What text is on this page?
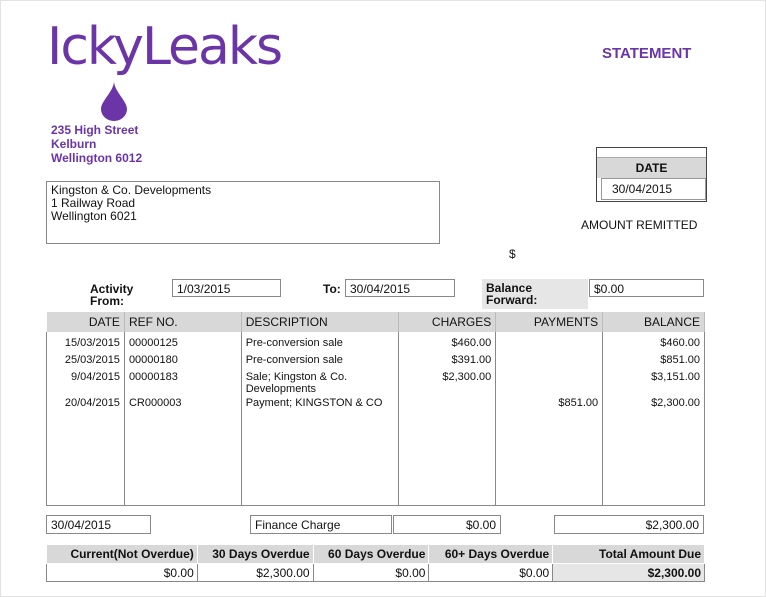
IckyLeaks
235 High Street
Kelburn
Wellington 6012
STATEMENT
DATE
30/04/2015
AMOUNT REMITTED
$
Kingston & Co. Developments
1 Railway Road
Wellington 6021
Activity
From:
1/03/2015	To: 30/04/2015	Balance
Forward:
$0.00
DATE	REF NO.	DESCRIPTION	CHARGES	PAYMENTS	BALANCE
15/03/2015	00000125	Pre-conversion sale	$460.00		$460.00
25/03/2015	00000180	Pre-conversion sale	$391.00		$851.00
9/04/2015	00000183	Sale; Kingston & Co. Developments	$2,300.00		$3,151.00
20/04/2015	CR000003	Payment; KINGSTON & CO		$851.00	$2,300.00

30/04/2015	Finance Charge	$0.00	$2,300.00
Current(Not Overdue)	30 Days Overdue	60 Days Overdue	60+ Days Overdue	Total Amount Due
$0.00	$2,300.00	$0.00	$0.00	$2,300.00
